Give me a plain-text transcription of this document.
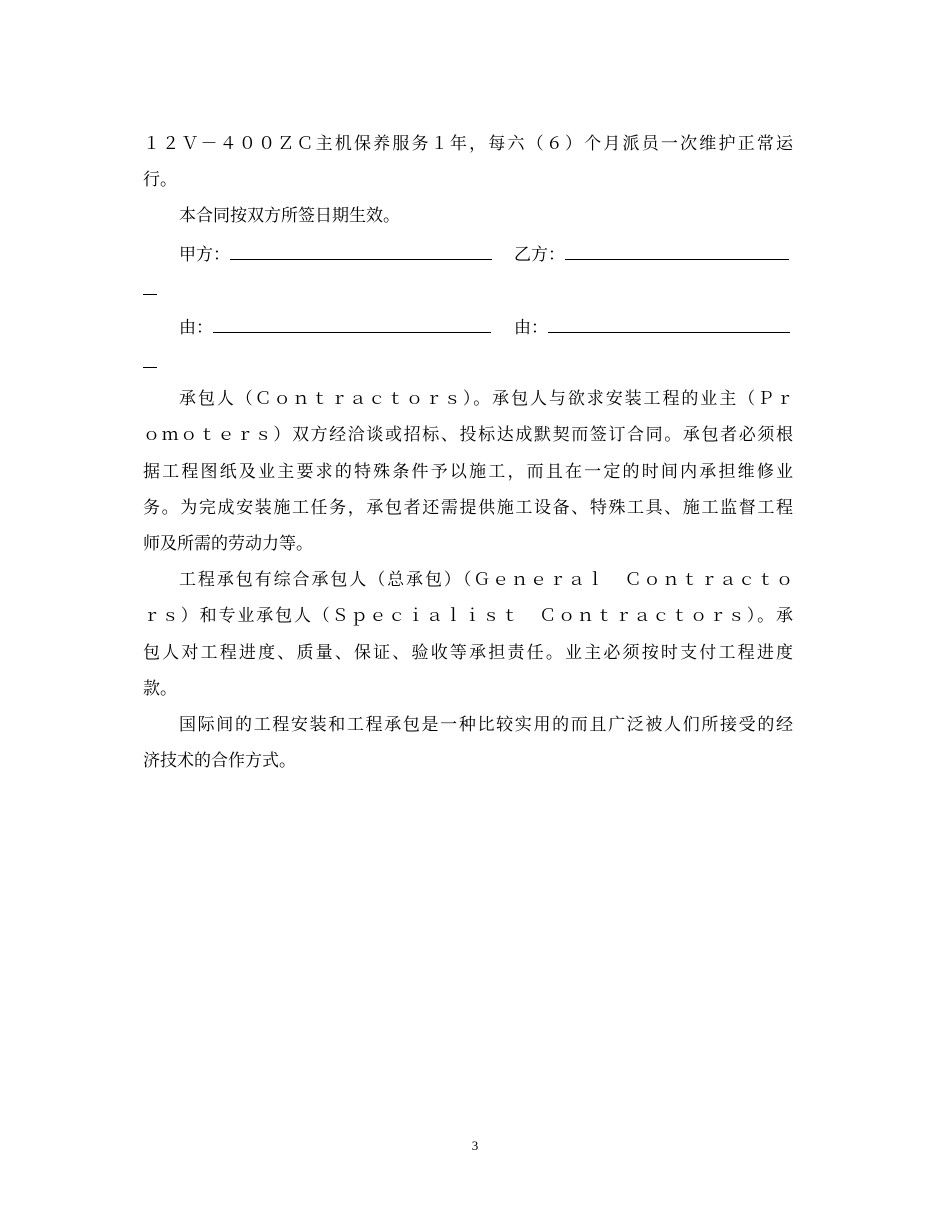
１２Ｖ－４００ＺＣ主机保养服务１年，每六（６）个月派员一次维护正常运
行。
本合同按双方所签日期生效。
甲方：	乙方：
由：	由：
承包人（Ｃｏｎｔｒａｃｔｏｒｓ）。承包人与欲求安装工程的业主（Ｐｒ
ｏｍｏｔｅｒｓ）双方经洽谈或招标、投标达成默契而签订合同。承包者必须根
据工程图纸及业主要求的特殊条件予以施工，而且在一定的时间内承担维修业
务。为完成安装施工任务，承包者还需提供施工设备、特殊工具、施工监督工程
师及所需的劳动力等。
工程承包有综合承包人（总承包）（Ｇｅｎｅｒａｌ　Ｃｏｎｔｒａｃｔｏ
ｒｓ）和专业承包人（Ｓｐｅｃｉａｌｉｓｔ　Ｃｏｎｔｒａｃｔｏｒｓ）。承
包人对工程进度、质量、保证、验收等承担责任。业主必须按时支付工程进度
款。
国际间的工程安装和工程承包是一种比较实用的而且广泛被人们所接受的经
济技术的合作方式。
3
